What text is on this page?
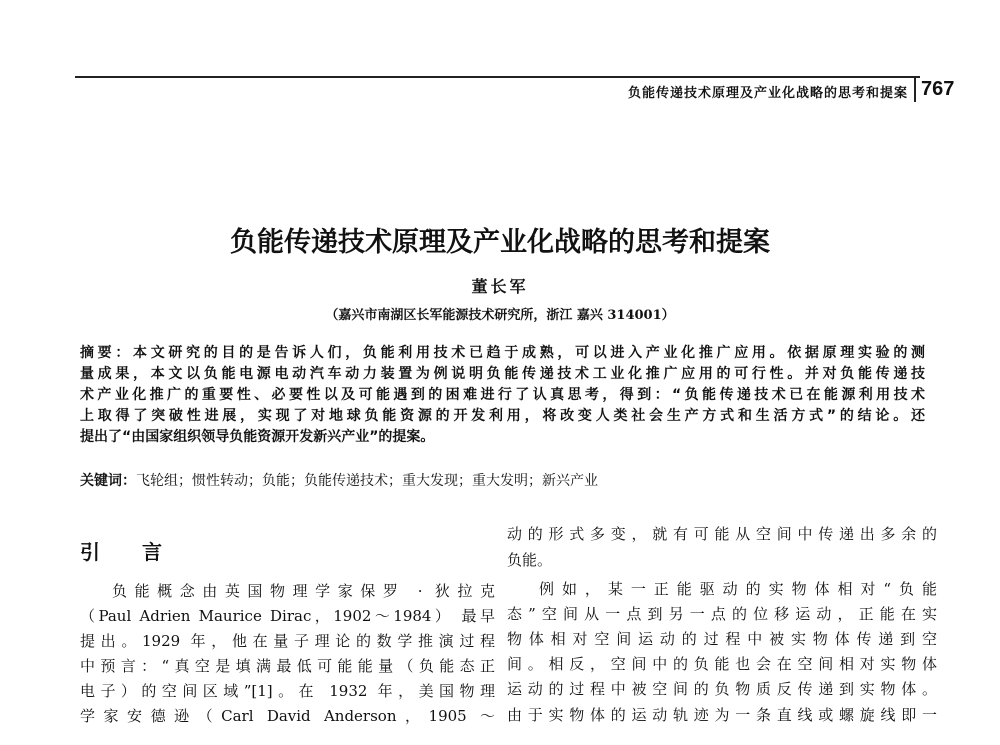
负能传递技术原理及产业化战略的思考和提案 767
负能传递技术原理及产业化战略的思考和提案
董长军
（嘉兴市南湖区长军能源技术研究所，浙江 嘉兴 314001）
摘要：本文研究的目的是告诉人们，负能利用技术已趋于成熟，可以进入产业化推广应用。依据原理实验的测
量成果，本文以负能电源电动汽车动力装置为例说明负能传递技术工业化推广应用的可行性。并对负能传递技
术产业化推广的重要性、必要性以及可能遇到的困难进行了认真思考，得到：“负能传递技术已在能源利用技术
上取得了突破性进展，实现了对地球负能资源的开发利用，将改变人类社会生产方式和生活方式”的结论。还
提出了“由国家组织领导负能资源开发新兴产业”的提案。
关键词：飞轮组；惯性转动；负能；负能传递技术；重大发现；重大发明；新兴产业
引 言
负能概念由英国物理学家保罗 · 狄拉克
（Paul Adrien Maurice Dirac，1902～1984） 最早
提出。1929 年，他在量子理论的数学推演过程
中预言：“真空是填满最低可能能量（负能态正
电子）的空间区域”[1]。在 1932 年，美国物理
学家安德逊（Carl David Anderson，1905 ～
动的形式多变，就有可能从空间中传递出多余的
负能。
例如，某一正能驱动的实物体相对“负能
态”空间从一点到另一点的位移运动，正能在实
物体相对空间运动的过程中被实物体传递到空
间。相反，空间中的负能也会在空间相对实物体
运动的过程中被空间的负物质反传递到实物体。
由于实物体的运动轨迹为一条直线或螺旋线即一
